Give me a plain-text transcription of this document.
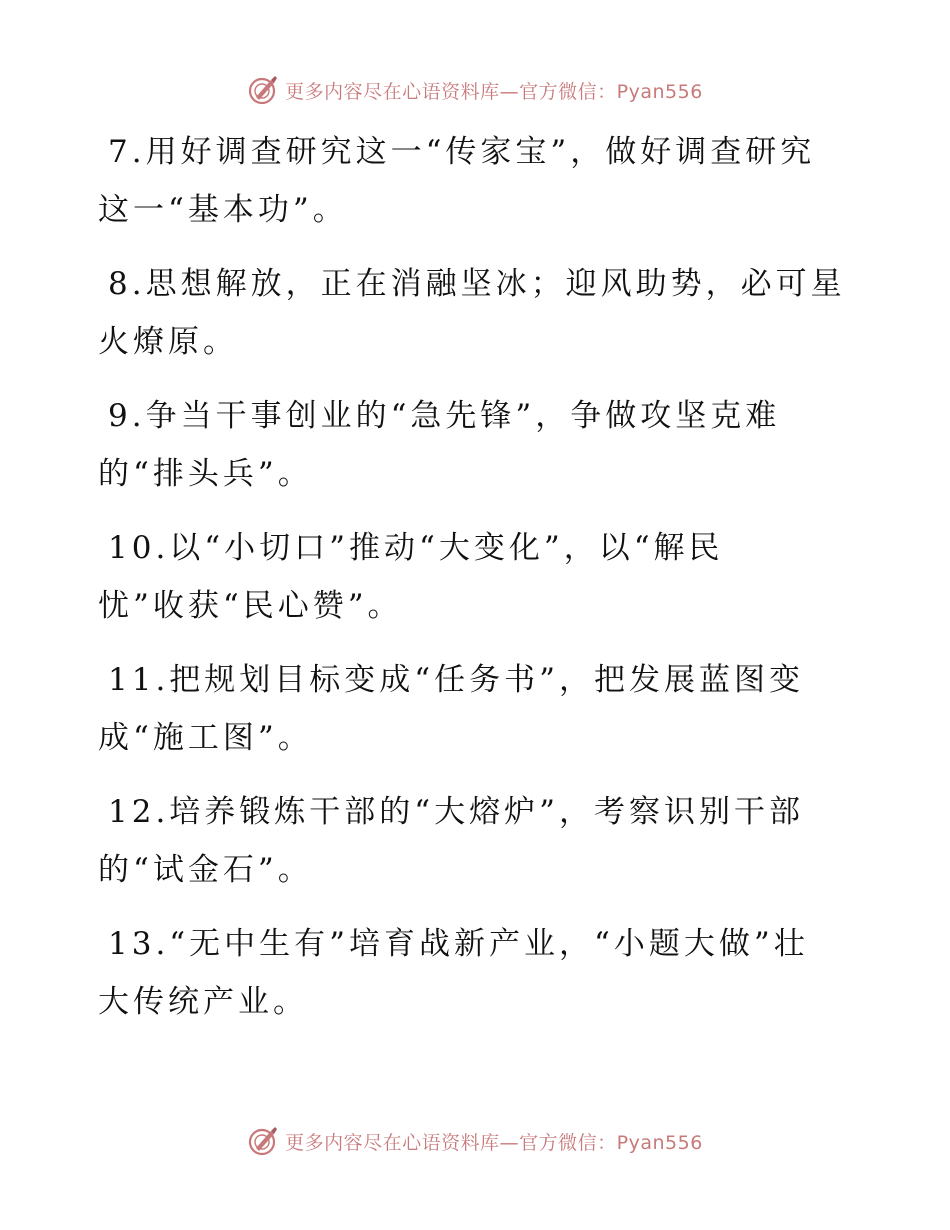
更多内容尽在心语资料库—官方微信：Pyan556
7.用好调查研究这一“传家宝”，做好调查研究
这一“基本功”。
8.思想解放，正在消融坚冰；迎风助势，必可星
火燎原。
9.争当干事创业的“急先锋”，争做攻坚克难
的“排头兵”。
10.以“小切口”推动“大变化”，以“解民
忧”收获“民心赞”。
11.把规划目标变成“任务书”，把发展蓝图变
成“施工图”。
12.培养锻炼干部的“大熔炉”，考察识别干部
的“试金石”。
13.“无中生有”培育战新产业，“小题大做”壮
大传统产业。
更多内容尽在心语资料库—官方微信：Pyan556
